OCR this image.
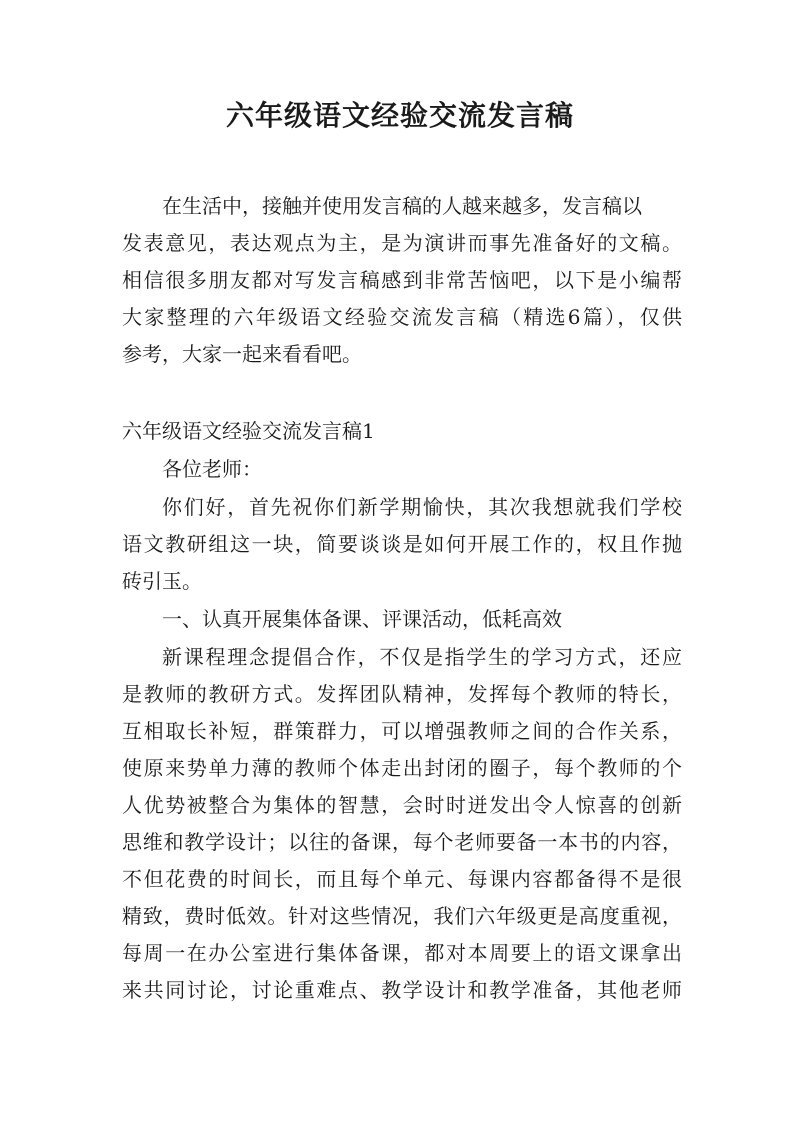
六年级语文经验交流发言稿

在生活中，接触并使用发言稿的人越来越多，发言稿以

发表意见，表达观点为主，是为演讲而事先准备好的文稿。

相信很多朋友都对写发言稿感到非常苦恼吧，以下是小编帮

大家整理的六年级语文经验交流发言稿（精选6篇），仅供

参考，大家一起来看看吧。

六年级语文经验交流发言稿1

各位老师：

你们好，首先祝你们新学期愉快，其次我想就我们学校

语文教研组这一块，简要谈谈是如何开展工作的，权且作抛

砖引玉。

一、认真开展集体备课、评课活动，低耗高效

新课程理念提倡合作，不仅是指学生的学习方式，还应

是教师的教研方式。发挥团队精神，发挥每个教师的特长，

互相取长补短，群策群力，可以增强教师之间的合作关系，

使原来势单力薄的教师个体走出封闭的圈子，每个教师的个

人优势被整合为集体的智慧，会时时迸发出令人惊喜的创新

思维和教学设计；以往的备课，每个老师要备一本书的内容，

不但花费的时间长，而且每个单元、每课内容都备得不是很

精致，费时低效。针对这些情况，我们六年级更是高度重视，

每周一在办公室进行集体备课，都对本周要上的语文课拿出

来共同讨论，讨论重难点、教学设计和教学准备，其他老师
